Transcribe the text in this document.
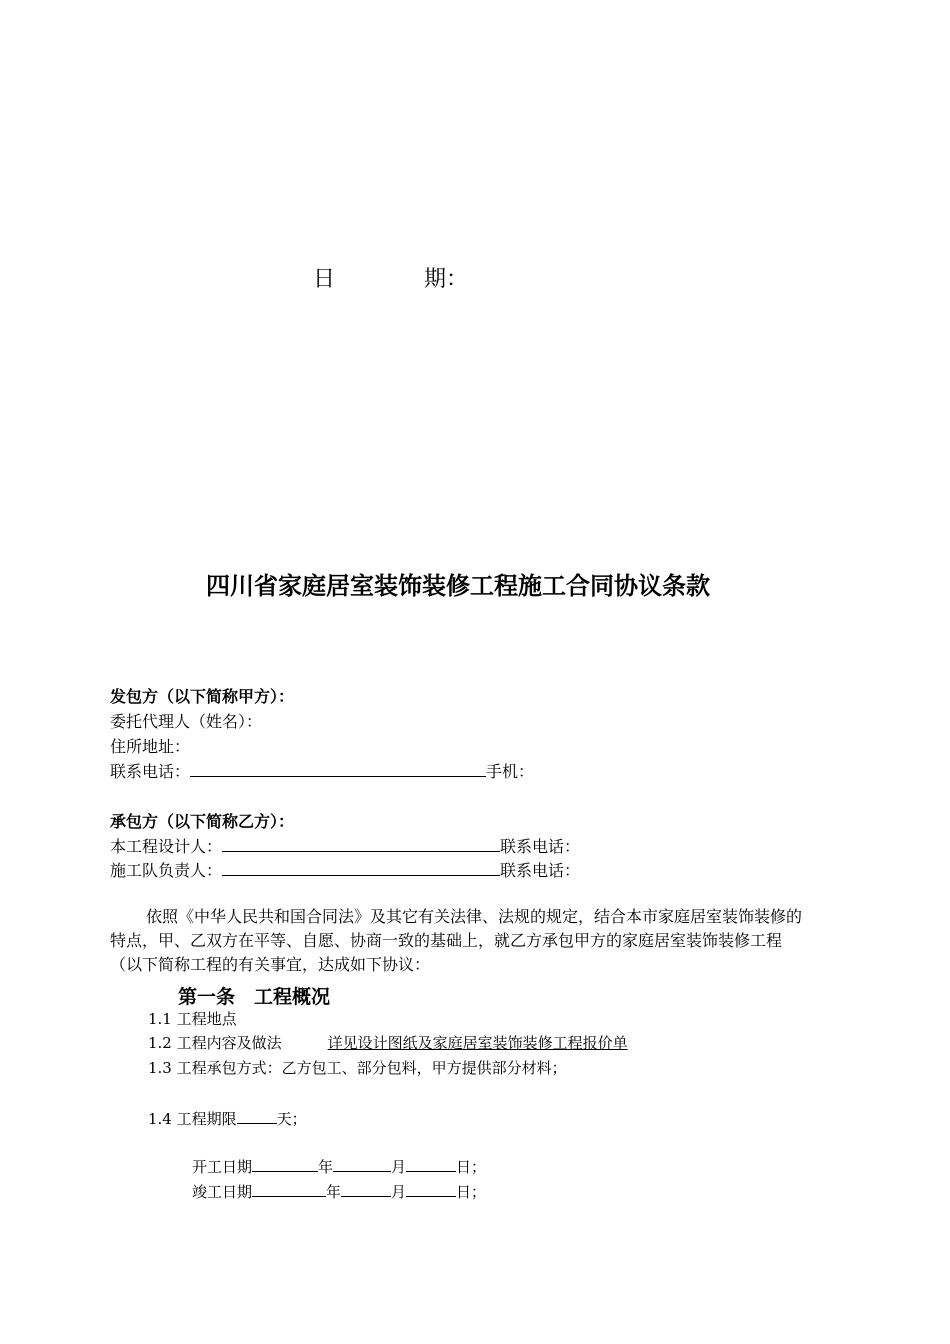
日	期：
四川省家庭居室装饰装修工程施工合同协议条款
发包方（以下简称甲方）：
委托代理人（姓名）：
住所地址：
联系电话：	手机：
承包方（以下简称乙方）：
本工程设计人：	联系电话：
施工队负责人：	联系电话：
依照《中华人民共和国合同法》及其它有关法律、法规的规定，结合本市家庭居室装饰装修的特点，甲、乙双方在平等、自愿、协商一致的基础上，就乙方承包甲方的家庭居室装饰装修工程（以下简称工程的有关事宜，达成如下协议：
第一条　工程概况
1.1 工程地点
1.2 工程内容及做法	详见设计图纸及家庭居室装饰装修工程报价单
1.3 工程承包方式：乙方包工、部分包料，甲方提供部分材料；
1.4 工程期限	天；
开工日期	年	月	日；
竣工日期	年	月	日；
